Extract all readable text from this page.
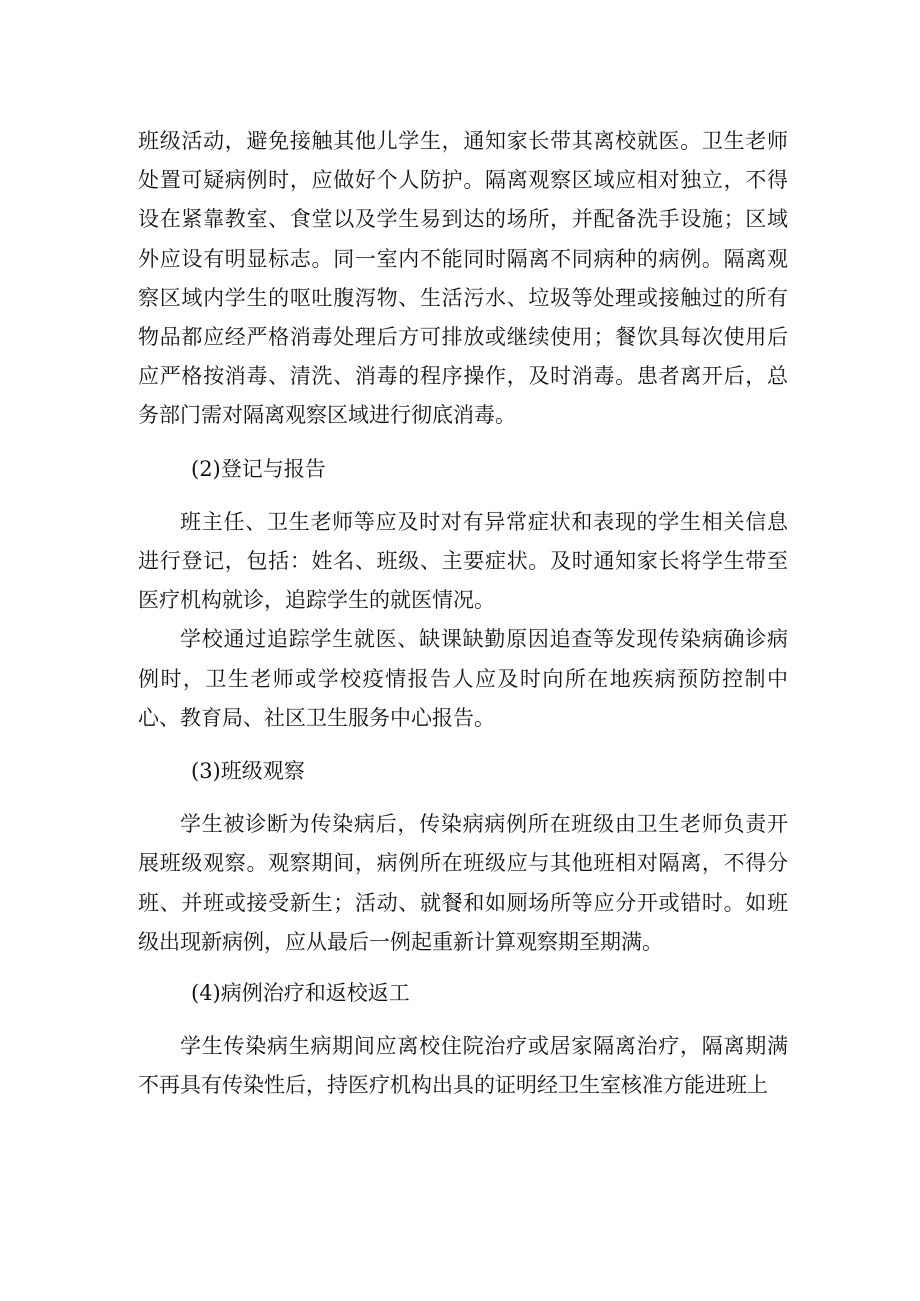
班级活动，避免接触其他儿学生，通知家长带其离校就医。卫生老师处置可疑病例时，应做好个人防护。隔离观察区域应相对独立，不得设在紧靠教室、食堂以及学生易到达的场所，并配备洗手设施；区域外应设有明显标志。同一室内不能同时隔离不同病种的病例。隔离观察区域内学生的呕吐腹泻物、生活污水、垃圾等处理或接触过的所有物品都应经严格消毒处理后方可排放或继续使用；餐饮具每次使用后应严格按消毒、清洗、消毒的程序操作，及时消毒。患者离开后，总务部门需对隔离观察区域进行彻底消毒。

(2)登记与报告

班主任、卫生老师等应及时对有异常症状和表现的学生相关信息进行登记，包括：姓名、班级、主要症状。及时通知家长将学生带至医疗机构就诊，追踪学生的就医情况。

学校通过追踪学生就医、缺课缺勤原因追查等发现传染病确诊病例时，卫生老师或学校疫情报告人应及时向所在地疾病预防控制中心、教育局、社区卫生服务中心报告。

(3)班级观察

学生被诊断为传染病后，传染病病例所在班级由卫生老师负责开展班级观察。观察期间，病例所在班级应与其他班相对隔离，不得分班、并班或接受新生；活动、就餐和如厕场所等应分开或错时。如班级出现新病例，应从最后一例起重新计算观察期至期满。

(4)病例治疗和返校返工

学生传染病生病期间应离校住院治疗或居家隔离治疗，隔离期满不再具有传染性后，持医疗机构出具的证明经卫生室核准方能进班上
